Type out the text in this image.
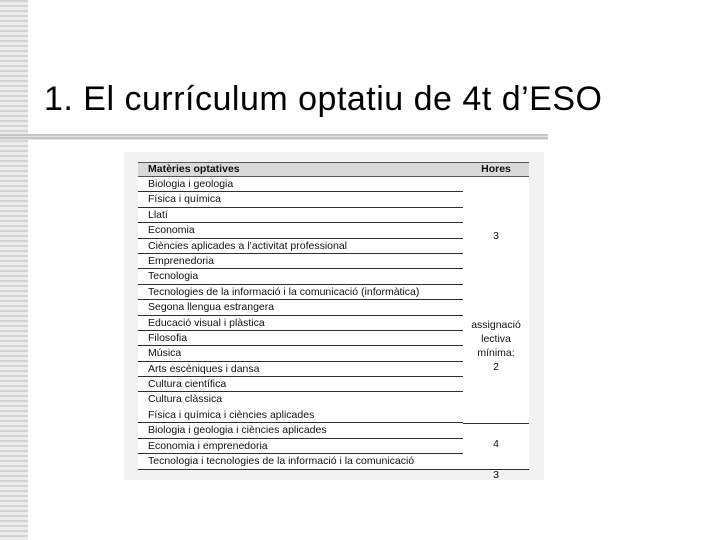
1. El currículum optatiu de 4t d’ESO
Matèries optatives	Hores
Biologia i geologia
Física i química
Llatí
Economia
Ciències aplicades a l’activitat professional
Emprenedoria
Tecnologia
Tecnologies de la informació i la comunicació (informàtica)
Segona llengua estrangera
Educació visual i plàstica
Filosofia
Música
Arts escèniques i dansa
Cultura científica
Cultura clàssica
Física i química i ciències aplicades
Biologia i geologia i ciències aplicades
Economia i emprenedoria
Tecnologia i tecnologies de la informació i la comunicació
3
assignació
lectiva
mínima:
2
4
3
